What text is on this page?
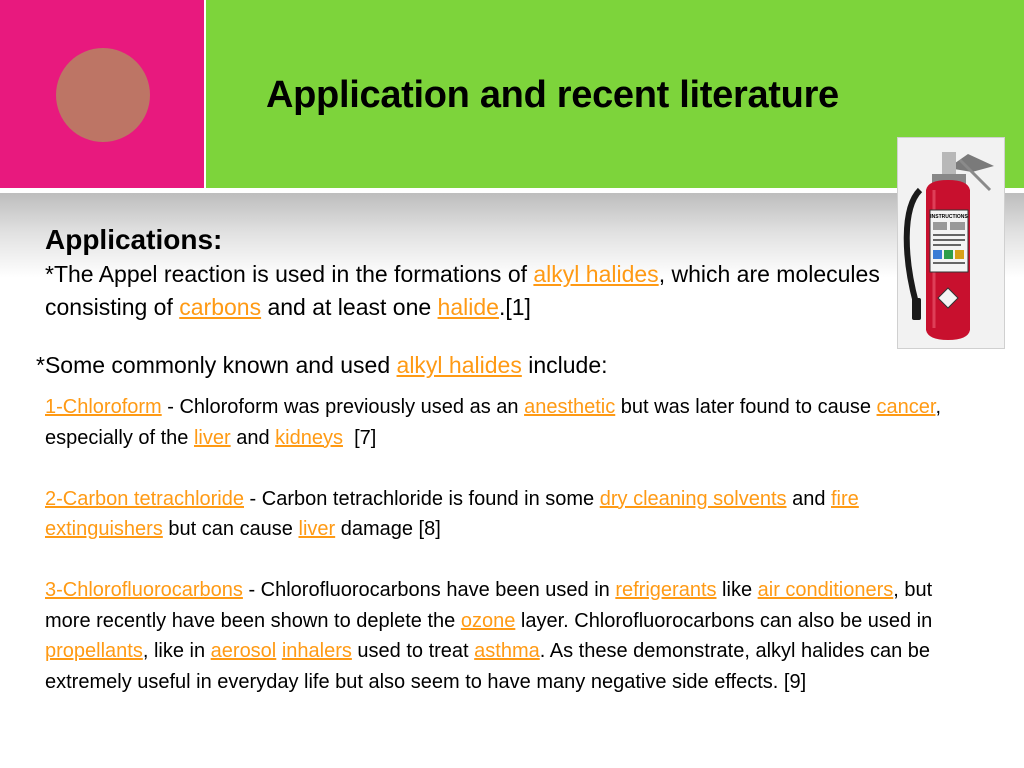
Application and recent literature
INSTRUCTIONS
Applications:
*The Appel reaction is used in the formations of alkyl halides, which are molecules consisting of carbons and at least one halide.[1]
*Some commonly known and used alkyl halides include:

1-Chloroform - Chloroform was previously used as an anesthetic but was later found to cause cancer, especially of the liver and kidneys  [7]

2-Carbon tetrachloride - Carbon tetrachloride is found in some dry cleaning solvents and fire extinguishers but can cause liver damage [8]

3-Chlorofluorocarbons - Chlorofluorocarbons have been used in refrigerants like air conditioners, but more recently have been shown to deplete the ozone layer. Chlorofluorocarbons can also be used in propellants, like in aerosol inhalers used to treat asthma. As these demonstrate, alkyl halides can be extremely useful in everyday life but also seem to have many negative side effects. [9]
